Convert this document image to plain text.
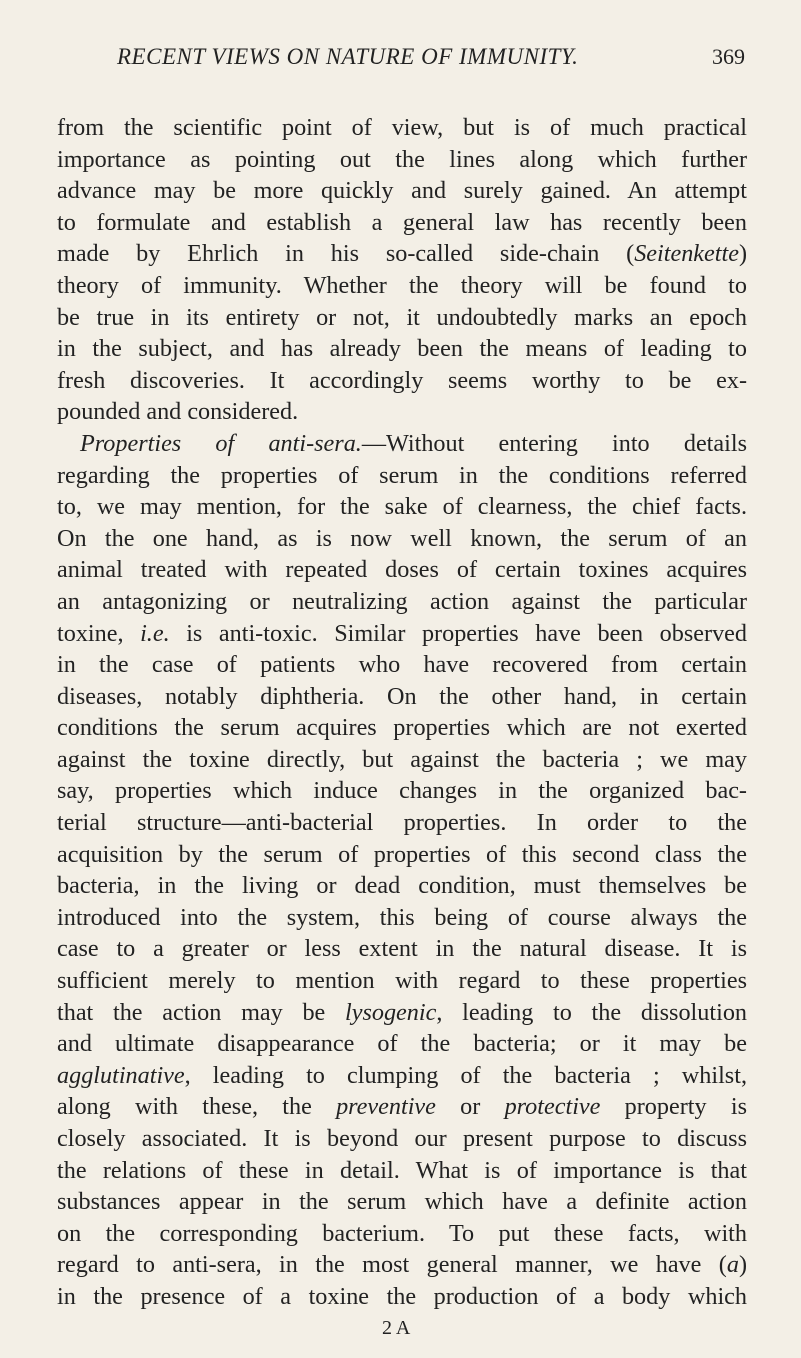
RECENT VIEWS ON NATURE OF IMMUNITY.	369
from the scientific point of view, but is of much practical
importance as pointing out the lines along which further
advance may be more quickly and surely gained. An attempt
to formulate and establish a general law has recently been
made by Ehrlich in his so-called side-chain (Seitenkette)
theory of immunity. Whether the theory will be found to
be true in its entirety or not, it undoubtedly marks an epoch
in the subject, and has already been the means of leading to
fresh discoveries. It accordingly seems worthy to be ex-
pounded and considered.
Properties of anti-sera.—Without entering into details
regarding the properties of serum in the conditions referred
to, we may mention, for the sake of clearness, the chief facts.
On the one hand, as is now well known, the serum of an
animal treated with repeated doses of certain toxines acquires
an antagonizing or neutralizing action against the particular
toxine, i.e. is anti-toxic. Similar properties have been observed
in the case of patients who have recovered from certain
diseases, notably diphtheria. On the other hand, in certain
conditions the serum acquires properties which are not exerted
against the toxine directly, but against the bacteria ; we may
say, properties which induce changes in the organized bac-
terial structure—anti-bacterial properties. In order to the
acquisition by the serum of properties of this second class the
bacteria, in the living or dead condition, must themselves be
introduced into the system, this being of course always the
case to a greater or less extent in the natural disease. It is
sufficient merely to mention with regard to these properties
that the action may be lysogenic, leading to the dissolution
and ultimate disappearance of the bacteria; or it may be
agglutinative, leading to clumping of the bacteria ; whilst,
along with these, the preventive or protective property is
closely associated. It is beyond our present purpose to discuss
the relations of these in detail. What is of importance is that
substances appear in the serum which have a definite action
on the corresponding bacterium. To put these facts, with
regard to anti-sera, in the most general manner, we have (a)
in the presence of a toxine the production of a body which
2 A
